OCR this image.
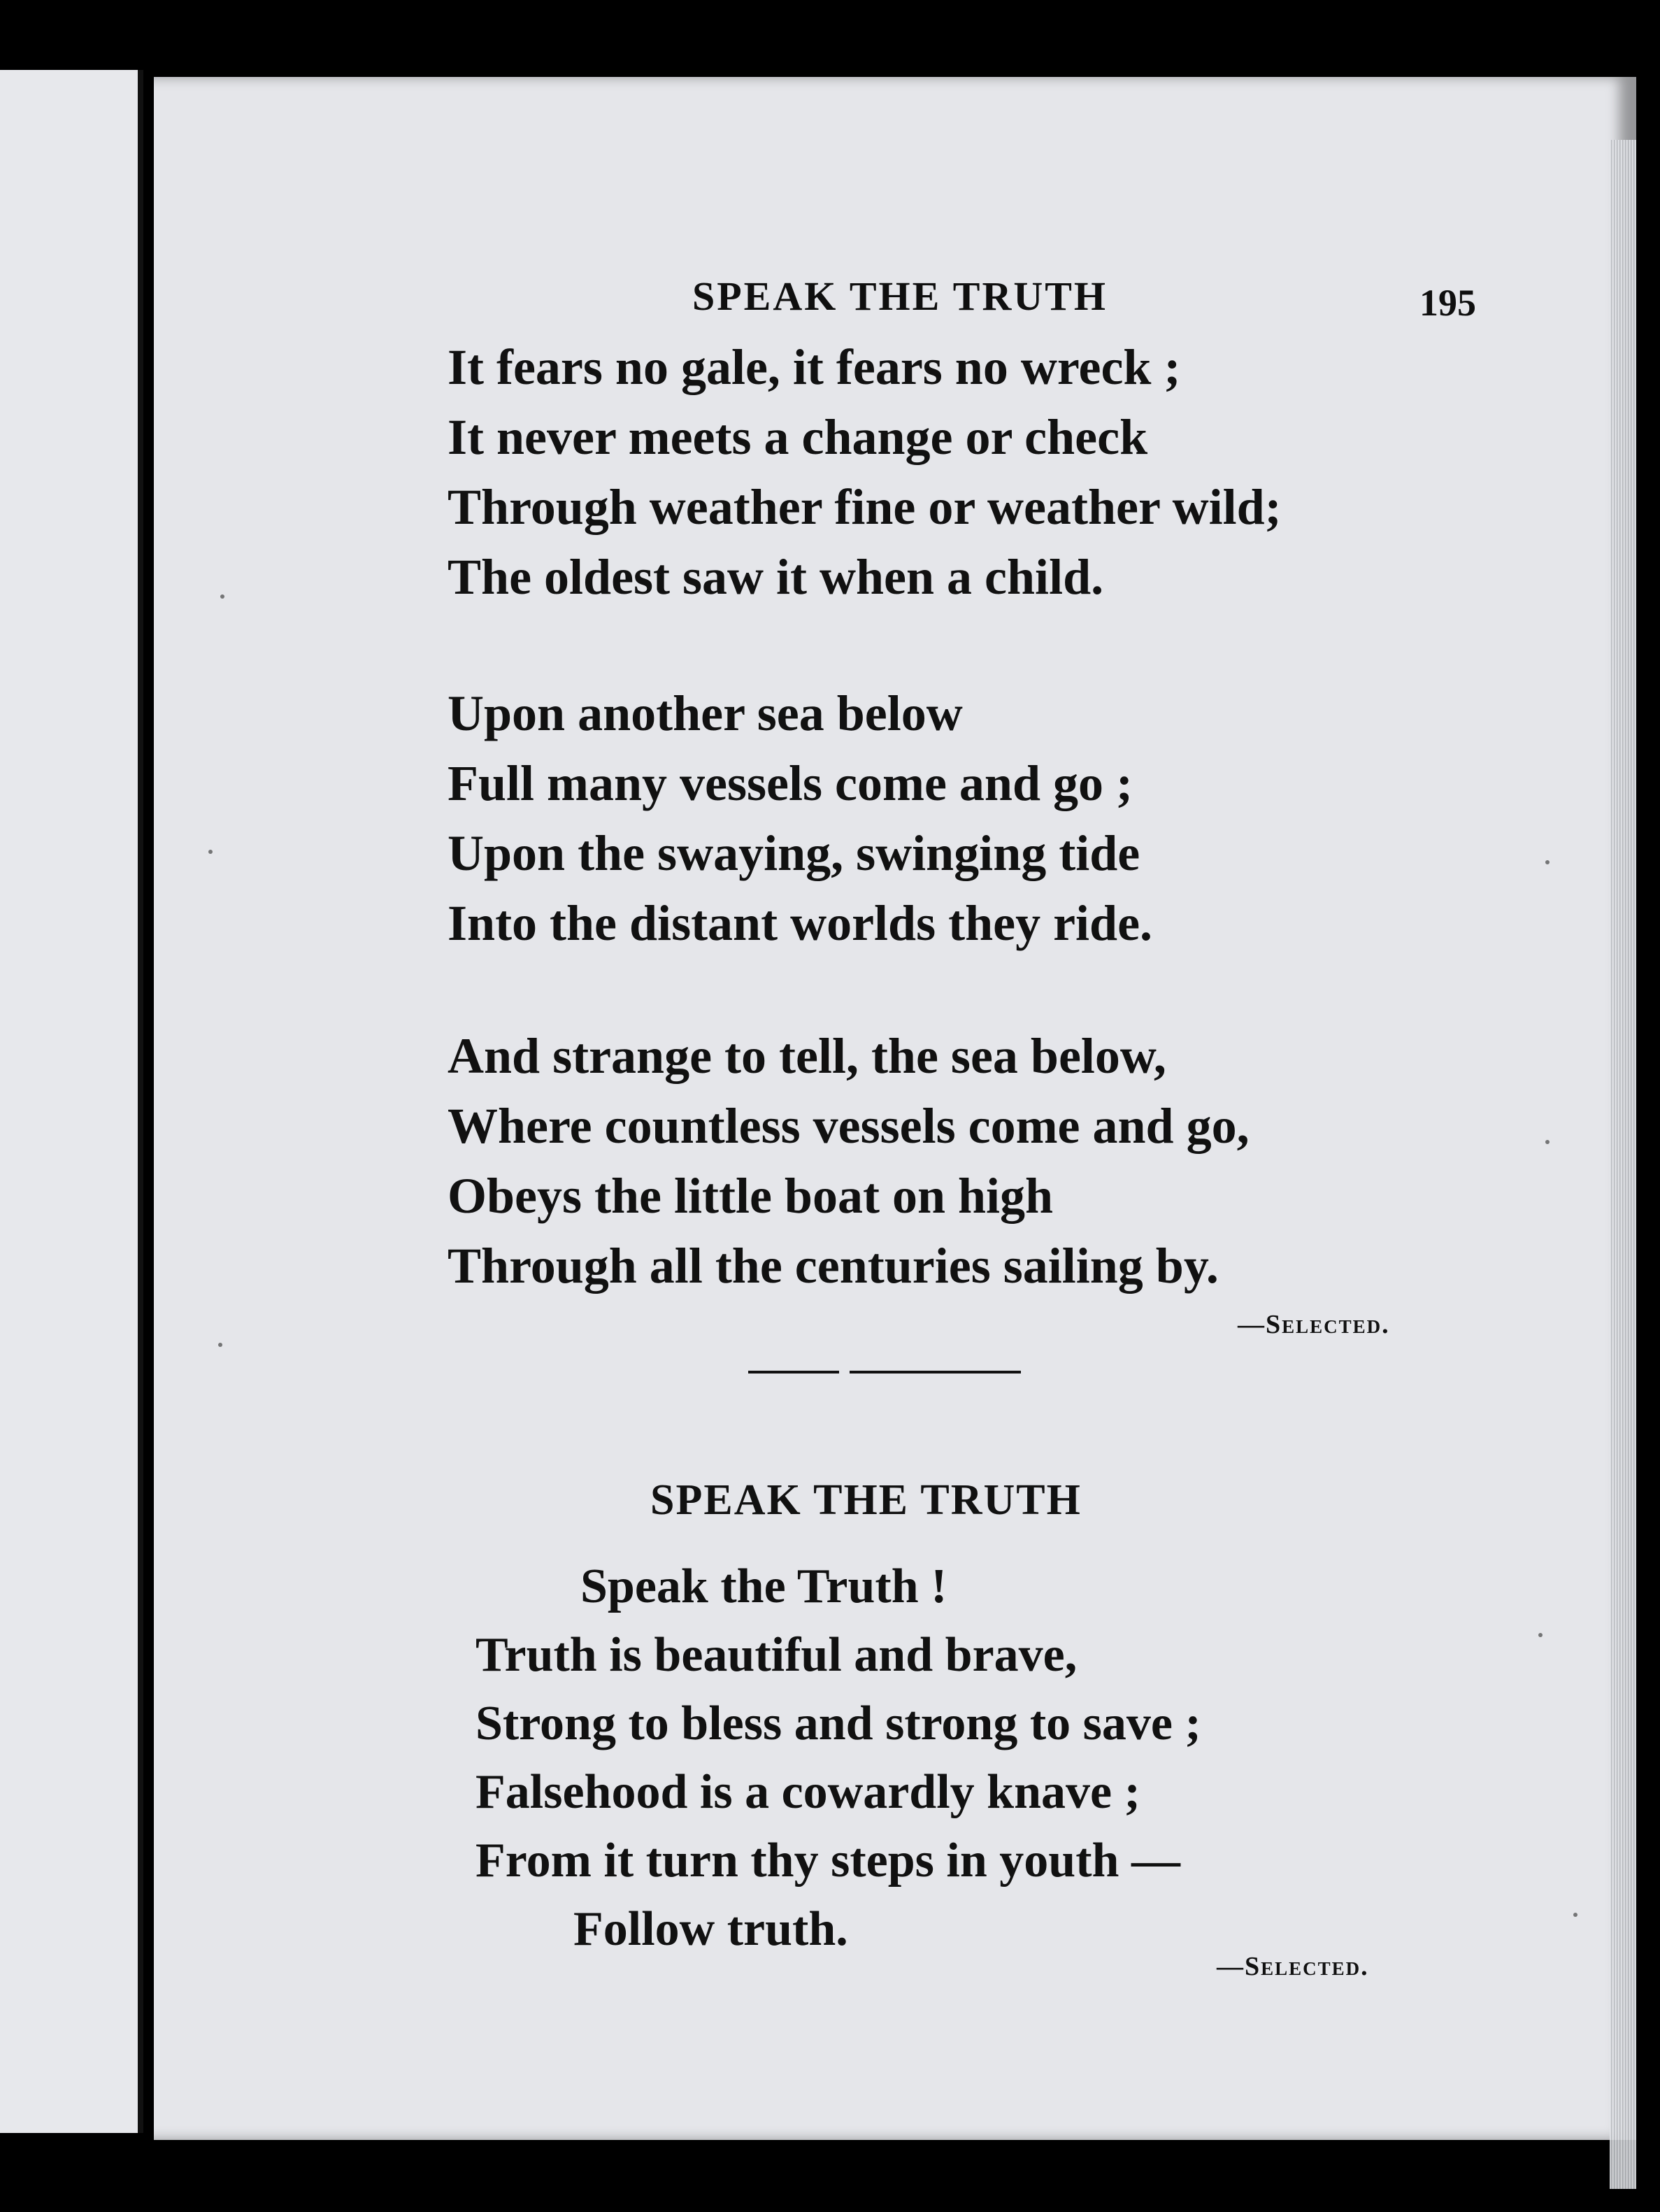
SPEAK THE TRUTH	195
It fears no gale, it fears no wreck ;
It never meets a change or check
Through weather fine or weather wild;
The oldest saw it when a child.
Upon another sea below
Full many vessels come and go ;
Upon the swaying, swinging tide
Into the distant worlds they ride.
And strange to tell, the sea below,
Where countless vessels come and go,
Obeys the little boat on high
Through all the centuries sailing by.
—Selected.
SPEAK THE TRUTH
Speak the Truth !
Truth is beautiful and brave,
Strong to bless and strong to save ;
Falsehood is a cowardly knave ;
From it turn thy steps in youth —
Follow truth.
—Selected.
